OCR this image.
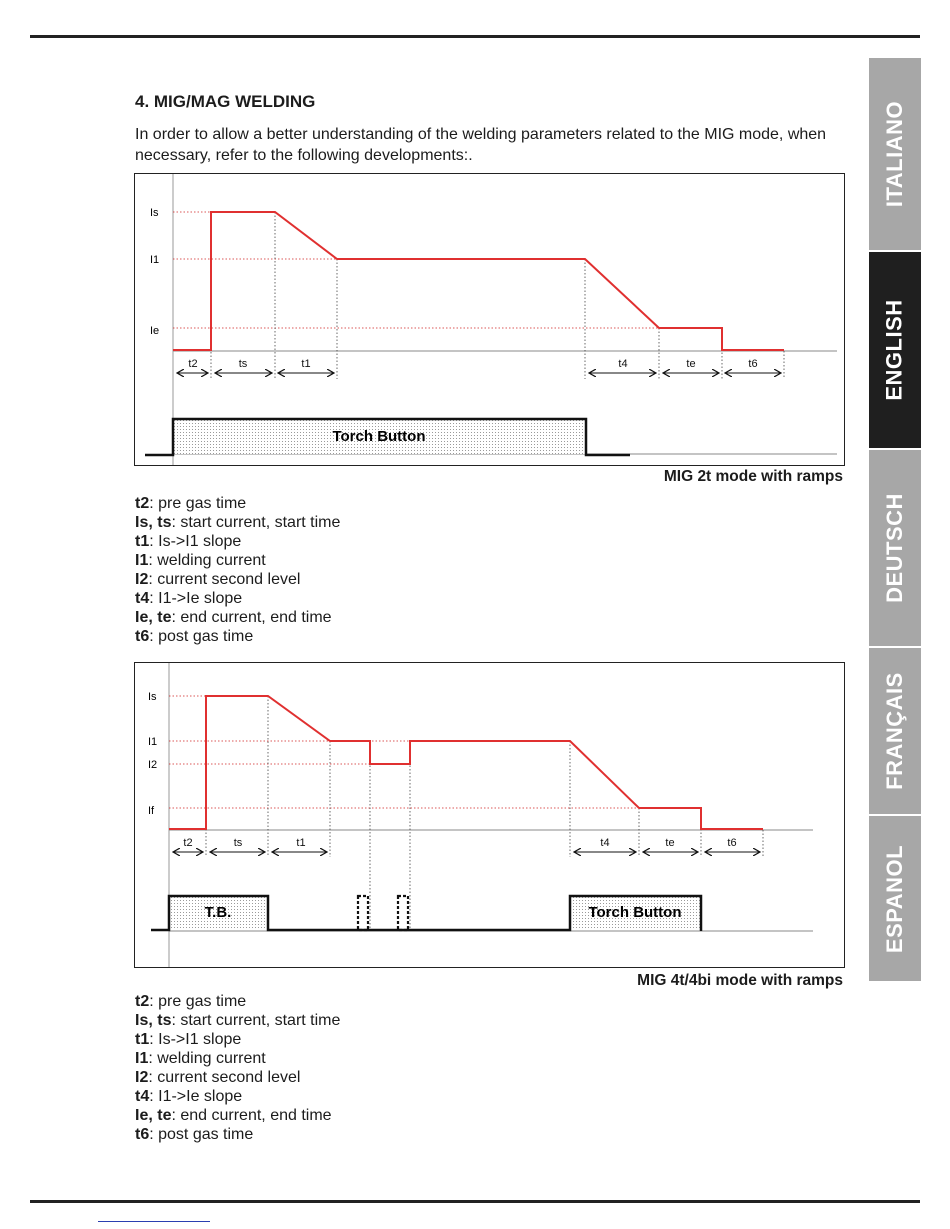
ITALIANO
ENGLISH
DEUTSCH
FRANÇAIS
ESPANOL
4. MIG/MAG WELDING

In order to allow a better understanding of the welding parameters related to the MIG mode, when necessary, refer to the following developments:.

Is
I1
Ie
t2	ts	t1	t4	te	t6
Torch Button

MIG 2t mode with ramps

t2: pre gas time
Is, ts: start current, start time
t1: Is->I1 slope
I1: welding current
I2: current second level
t4: I1->Ie slope
Ie, te: end current, end time
t6: post gas time
Is
I1
I2
If
t2	ts	t1	t4	te	t6
T.B.	Torch Button

MIG 4t/4bi mode with ramps

t2: pre gas time
Is, ts: start current, start time
t1: Is->I1 slope
I1: welding current
I2: current second level
t4: I1->Ie slope
Ie, te: end current, end time
t6: post gas time
